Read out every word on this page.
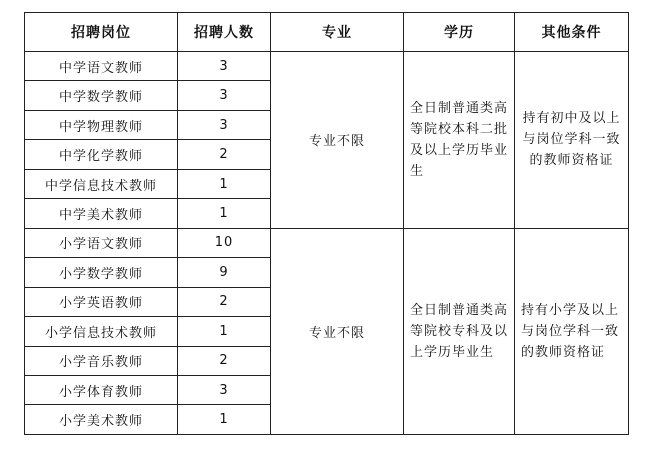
招聘岗位	招聘人数	专业	学历	其他条件
中学语文教师	3	专业不限	全日制普通类高等院校本科二批及以上学历毕业生	持有初中及以上与岗位学科一致的教师资格证
中学数学教师	3			
中学物理教师	3			
中学化学教师	2			
中学信息技术教师	1			
中学美术教师	1			
小学语文教师	10	专业不限	全日制普通类高等院校专科及以上学历毕业生	持有小学及以上与岗位学科一致的教师资格证
小学数学教师	9			
小学英语教师	2			
小学信息技术教师	1			
小学音乐教师	2			
小学体育教师	3			
小学美术教师	1			
